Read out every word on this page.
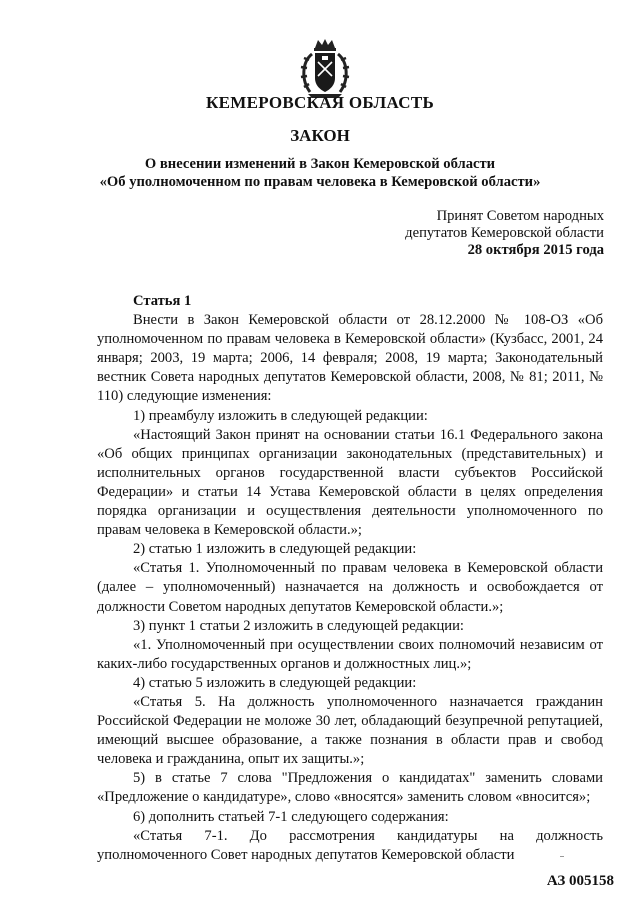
КЕМЕРОВСКАЯ ОБЛАСТЬ
ЗАКОН
О внесении изменений в Закон Кемеровской области
«Об уполномоченном по правам человека в Кемеровской области»
Принят Советом народных
депутатов Кемеровской области
28 октября 2015 года

Статья 1

Внести в Закон Кемеровской области от 28.12.2000 № 108-ОЗ «Об уполномоченном по правам человека в Кемеровской области» (Кузбасс, 2001, 24 января; 2003, 19 марта; 2006, 14 февраля; 2008, 19 марта; Законодательный вестник Совета народных депутатов Кемеровской области, 2008, № 81; 2011, № 110) следующие изменения:

1) преамбулу изложить в следующей редакции:

«Настоящий Закон принят на основании статьи 16.1 Федерального закона «Об общих принципах организации законодательных (представительных) и исполнительных органов государственной власти субъектов Российской Федерации» и статьи 14 Устава Кемеровской области в целях определения порядка организации и осуществления деятельности уполномоченного по правам человека в Кемеровской области.»;

2) статью 1 изложить в следующей редакции:

«Статья 1. Уполномоченный по правам человека в Кемеровской области (далее – уполномоченный) назначается на должность и освобождается от должности Советом народных депутатов Кемеровской области.»;

3) пункт 1 статьи 2 изложить в следующей редакции:

«1. Уполномоченный при осуществлении своих полномочий независим от каких-либо государственных органов и должностных лиц.»;

4) статью 5 изложить в следующей редакции:

«Статья 5. На должность уполномоченного назначается гражданин Российской Федерации не моложе 30 лет, обладающий безупречной репутацией, имеющий высшее образование, а также познания в области прав и свобод человека и гражданина, опыт их защиты.»;

5) в статье 7 слова "Предложения о кандидатах" заменить словами «Предложение о кандидатуре», слово «вносятся» заменить словом «вносится»;

6) дополнить статьей 7-1 следующего содержания:

«Статья 7-1. До рассмотрения кандидатуры на должность уполномоченного Совет народных депутатов Кемеровской области

АЗ 005158
